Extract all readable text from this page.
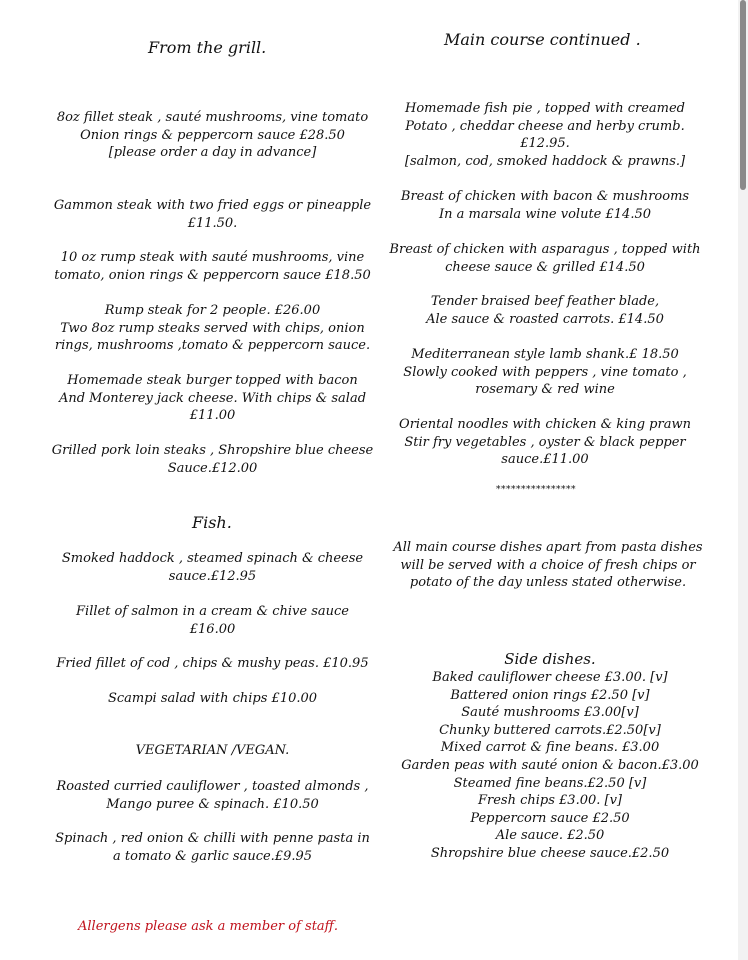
From the grill.
8oz fillet steak , sauté mushrooms, vine tomato
Onion rings & peppercorn sauce £28.50
[please order a day in advance]
Gammon steak with two fried eggs or pineapple
£11.50.
10 oz rump steak with sauté mushrooms, vine
tomato, onion rings & peppercorn sauce £18.50
Rump steak for 2 people. £26.00
Two 8oz rump steaks served with chips, onion
rings, mushrooms ,tomato & peppercorn sauce.
Homemade steak burger topped with bacon
And Monterey jack cheese. With chips & salad
£11.00
Grilled pork loin steaks , Shropshire blue cheese
Sauce.£12.00
Fish.
Smoked haddock , steamed spinach & cheese
sauce.£12.95
Fillet of salmon in a cream & chive sauce
£16.00
Fried fillet of cod , chips & mushy peas. £10.95
Scampi salad with chips £10.00
VEGETARIAN /VEGAN.
Roasted curried cauliflower , toasted almonds ,
Mango puree & spinach. £10.50
Spinach , red onion & chilli with penne pasta in
a tomato & garlic sauce.£9.95
Allergens please ask a member of staff.
Main course continued .
Homemade fish pie , topped with creamed
Potato , cheddar cheese and herby crumb.
£12.95.
[salmon, cod, smoked haddock & prawns.]
Breast of chicken with bacon & mushrooms
In a marsala wine volute £14.50
Breast of chicken with asparagus , topped with
cheese sauce & grilled £14.50
Tender braised beef feather blade,
Ale sauce & roasted carrots. £14.50
Mediterranean style lamb shank.£ 18.50
Slowly cooked with peppers , vine tomato ,
rosemary & red wine
Oriental noodles with chicken & king prawn
Stir fry vegetables , oyster & black pepper
sauce.£11.00
****************
All main course dishes apart from pasta dishes
will be served with a choice of fresh chips or
potato of the day unless stated otherwise.
Side dishes.
Baked cauliflower cheese £3.00. [v]
Battered onion rings £2.50 [v]
Sauté mushrooms £3.00[v]
Chunky buttered carrots.£2.50[v]
Mixed carrot & fine beans. £3.00
Garden peas with sauté onion & bacon.£3.00
Steamed fine beans.£2.50 [v]
Fresh chips £3.00. [v]
Peppercorn sauce £2.50
Ale sauce. £2.50
Shropshire blue cheese sauce.£2.50
